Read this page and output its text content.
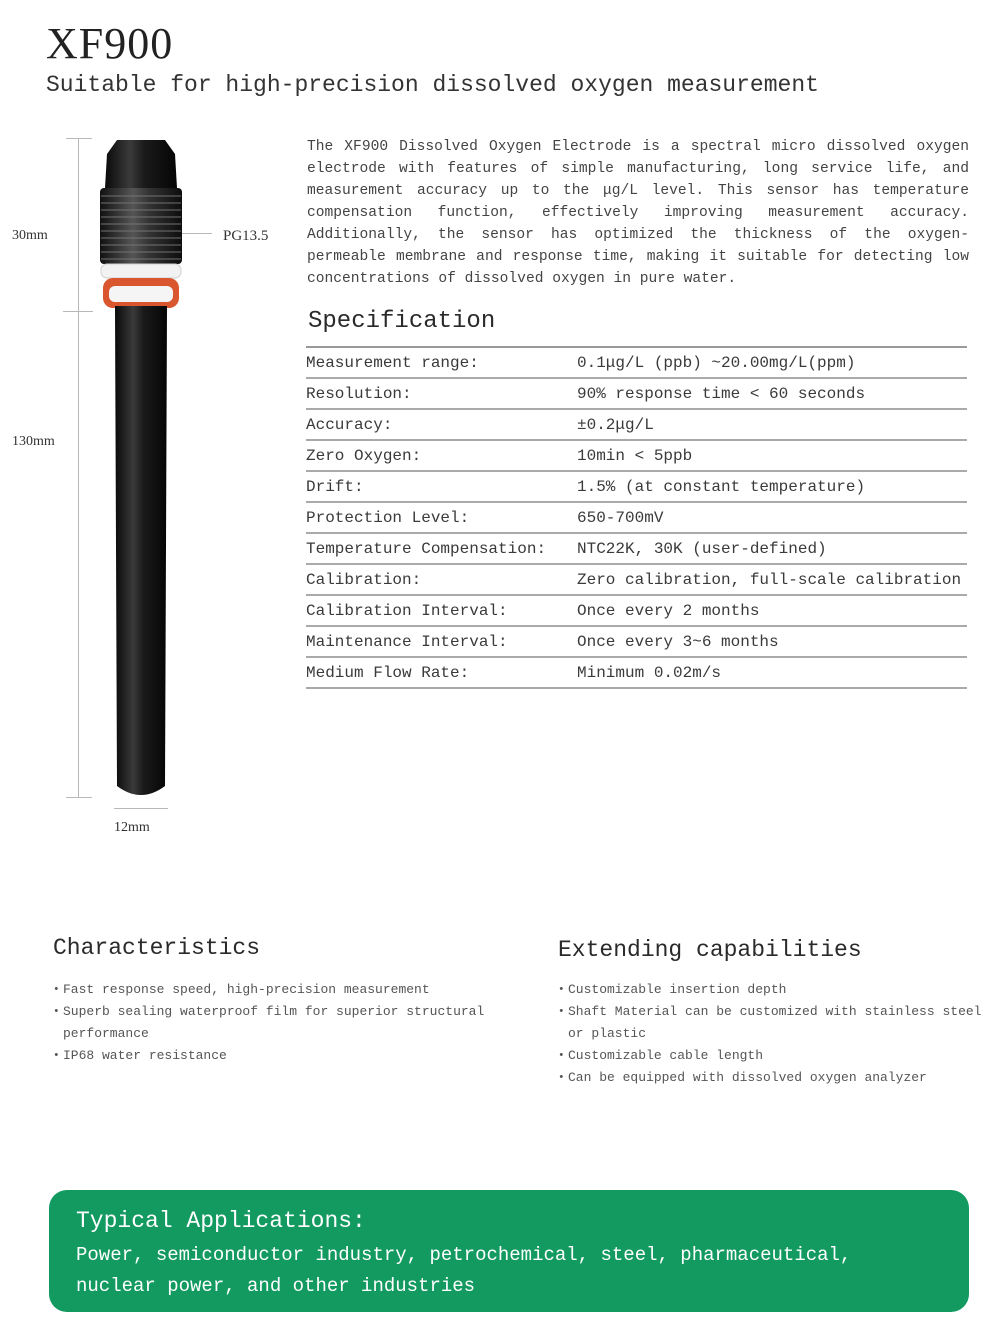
XF900
Suitable for high-precision dissolved oxygen measurement
30mm
130mm
12mm
PG13.5
The XF900 Dissolved Oxygen Electrode is a spectral micro dissolved oxygen electrode with features of simple manufacturing, long service life, and measurement accuracy up to the μg/L level. This sensor has temperature compensation function, effectively improving measurement accuracy. Additionally, the sensor has optimized the thickness of the oxygen-permeable membrane and response time, making it suitable for detecting low concentrations of dissolved oxygen in pure water.
Specification
Measurement range:	0.1μg/L (ppb) ~20.00mg/L(ppm)
Resolution:	90% response time < 60 seconds
Accuracy:	±0.2μg/L
Zero Oxygen:	10min < 5ppb
Drift:	1.5% (at constant temperature)
Protection Level:	650-700mV
Temperature Compensation:	NTC22K, 30K (user-defined)
Calibration:	Zero calibration, full-scale calibration
Calibration Interval:	Once every 2 months
Maintenance Interval:	Once every 3~6 months
Medium Flow Rate:	Minimum 0.02m/s
Characteristics
• Fast response speed, high-precision measurement
• Superb sealing waterproof film for superior structural performance
• IP68 water resistance
Extending capabilities
• Customizable insertion depth
• Shaft Material can be customized with stainless steel or plastic
• Customizable cable length
• Can be equipped with dissolved oxygen analyzer
Typical Applications:
Power, semiconductor industry, petrochemical, steel, pharmaceutical, nuclear power, and other industries
